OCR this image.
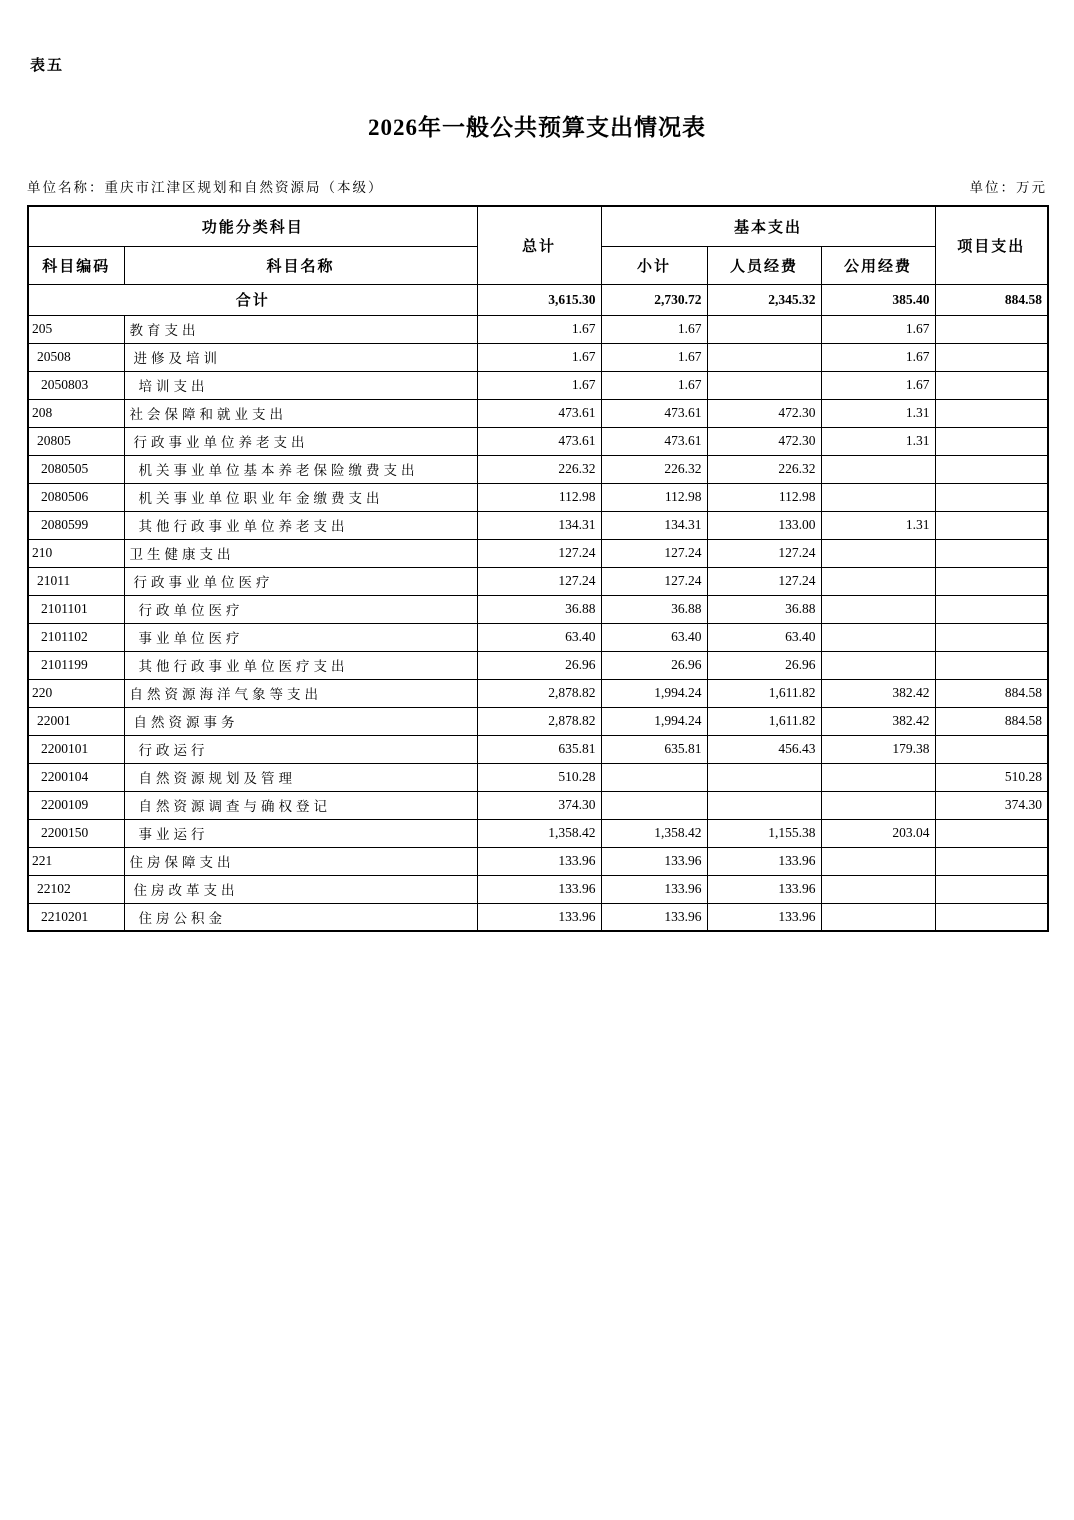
表五
2026年一般公共预算支出情况表
单位名称：重庆市江津区规划和自然资源局（本级）	单位：万元
功能分类科目		总计	基本支出			项目支出
科目编码	科目名称		小计	人员经费	公用经费	
合计		3,615.30	2,730.72	2,345.32	385.40	884.58
205	教育支出	1.67	1.67		1.67	
20508	进修及培训	1.67	1.67		1.67	
2050803	培训支出	1.67	1.67		1.67	
208	社会保障和就业支出	473.61	473.61	472.30	1.31	
20805	行政事业单位养老支出	473.61	473.61	472.30	1.31	
2080505	机关事业单位基本养老保险缴费支出	226.32	226.32	226.32		
2080506	机关事业单位职业年金缴费支出	112.98	112.98	112.98		
2080599	其他行政事业单位养老支出	134.31	134.31	133.00	1.31	
210	卫生健康支出	127.24	127.24	127.24		
21011	行政事业单位医疗	127.24	127.24	127.24		
2101101	行政单位医疗	36.88	36.88	36.88		
2101102	事业单位医疗	63.40	63.40	63.40		
2101199	其他行政事业单位医疗支出	26.96	26.96	26.96		
220	自然资源海洋气象等支出	2,878.82	1,994.24	1,611.82	382.42	884.58
22001	自然资源事务	2,878.82	1,994.24	1,611.82	382.42	884.58
2200101	行政运行	635.81	635.81	456.43	179.38	
2200104	自然资源规划及管理	510.28				510.28
2200109	自然资源调查与确权登记	374.30				374.30
2200150	事业运行	1,358.42	1,358.42	1,155.38	203.04	
221	住房保障支出	133.96	133.96	133.96		
22102	住房改革支出	133.96	133.96	133.96		
2210201	住房公积金	133.96	133.96	133.96		
